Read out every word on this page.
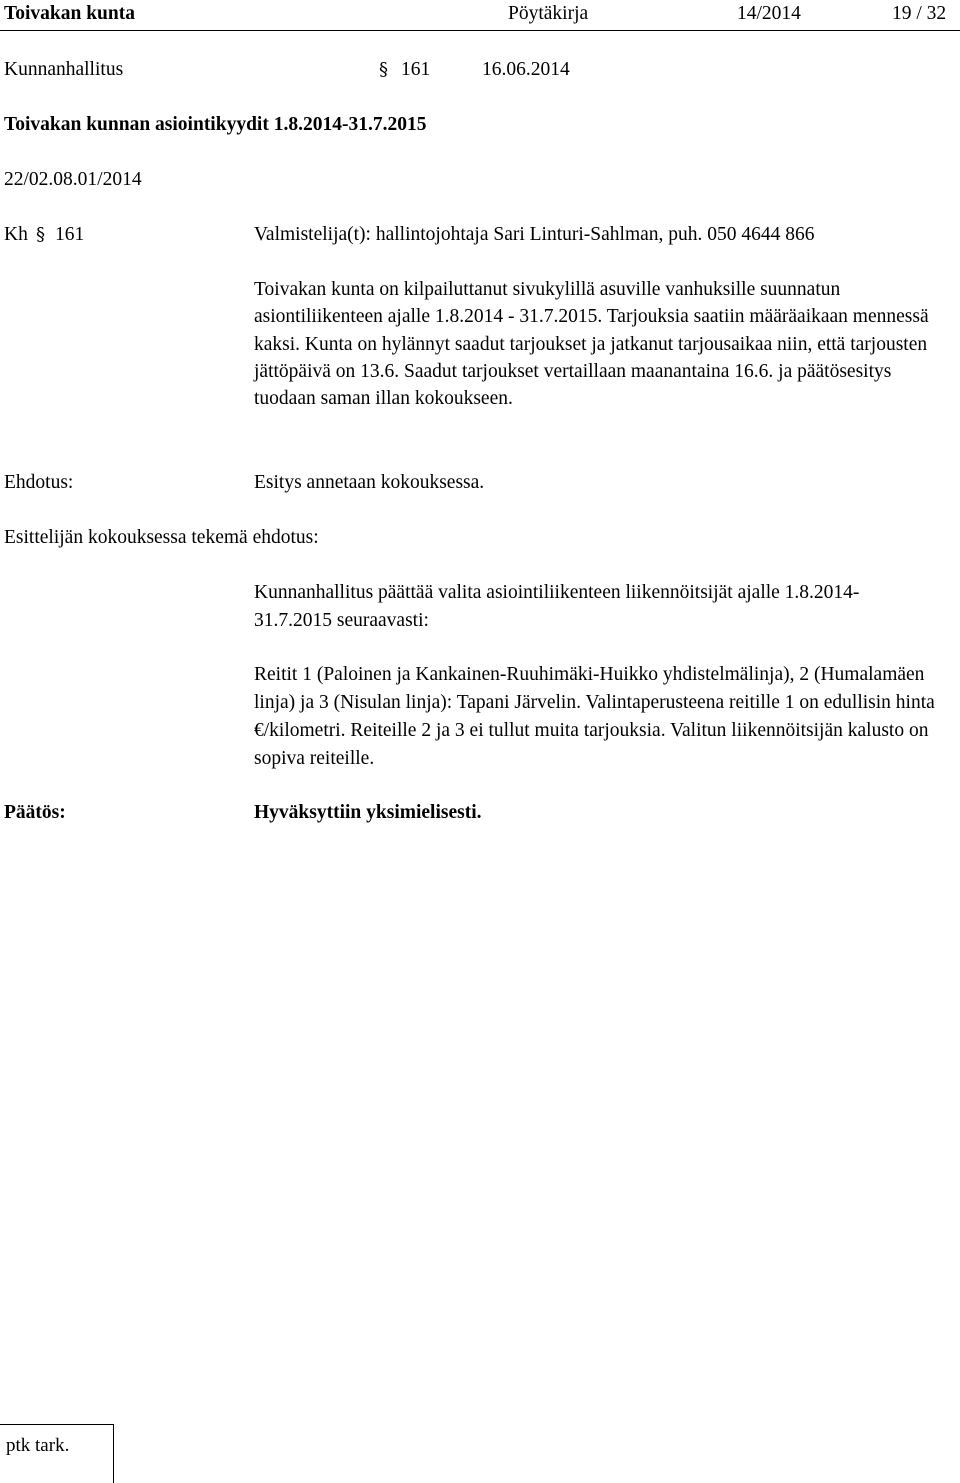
Toivakan kunta	Pöytäkirja	14/2014	19 / 32
Kunnanhallitus	§ 161	16.06.2014
Toivakan kunnan asiointikyydit 1.8.2014-31.7.2015
22/02.08.01/2014
Kh § 161	Valmistelija(t): hallintojohtaja Sari Linturi-Sahlman, puh. 050 4644 866
Toivakan kunta on kilpailuttanut sivukylillä asuville vanhuksille suunnatun asiontiliikenteen ajalle 1.8.2014 - 31.7.2015. Tarjouksia saatiin määräaikaan mennessä kaksi. Kunta on hylännyt saadut tarjoukset ja jatkanut tarjousaikaa niin, että tarjousten jättöpäivä on 13.6. Saadut tarjoukset vertaillaan maanantaina 16.6. ja päätösesitys tuodaan saman illan kokoukseen.
Ehdotus:	Esitys annetaan kokouksessa.
Esittelijän kokouksessa tekemä ehdotus:
Kunnanhallitus päättää valita asiointiliikenteen liikennöitsijät ajalle 1.8.2014-31.7.2015 seuraavasti:
Reitit 1 (Paloinen ja Kankainen-Ruuhimäki-Huikko yhdistelmälinja), 2 (Humalamäen linja) ja 3 (Nisulan linja): Tapani Järvelin. Valintaperusteena reitille 1 on edullisin hinta €/kilometri. Reiteille 2 ja 3 ei tullut muita tarjouksia. Valitun liikennöitsijän kalusto on sopiva reiteille.
Päätös:	Hyväksyttiin yksimielisesti.
ptk tark.
